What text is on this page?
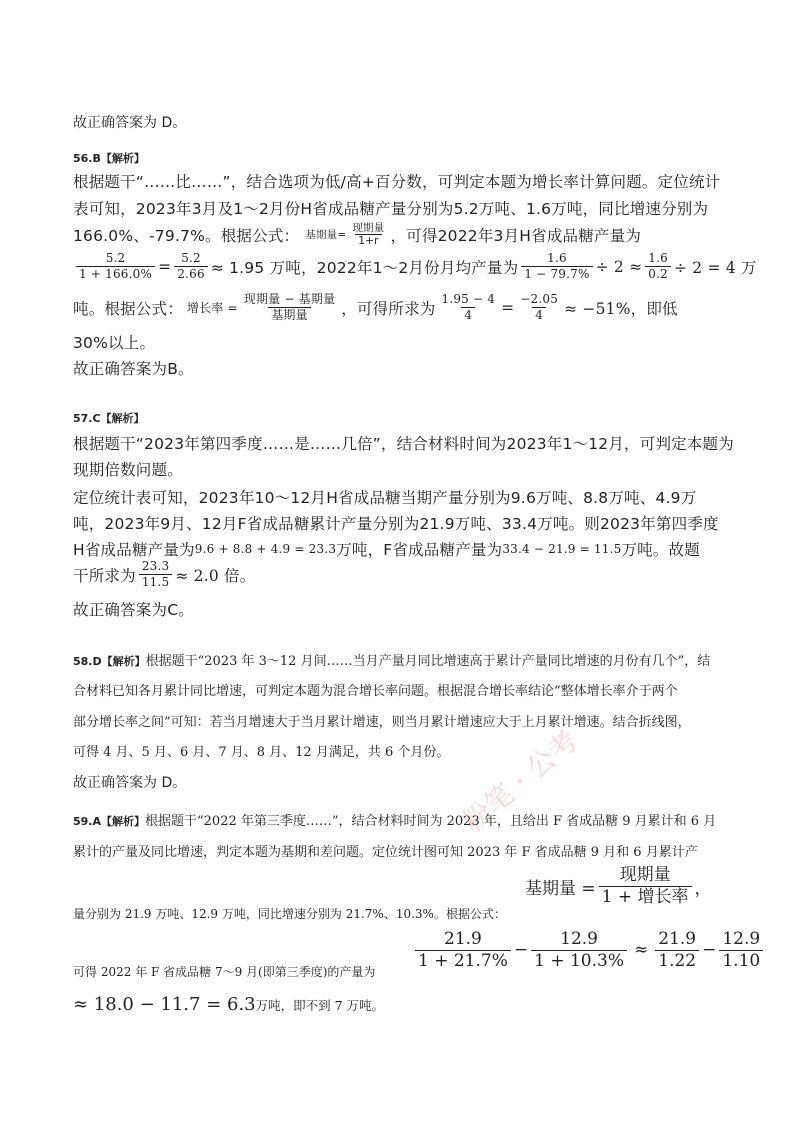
故正确答案为 D。
56.B【解析】
根据题干“……比……”，结合选项为低/高+百分数，可判定本题为增长率计算问题。定位统计
表可知，2023年3月及1～2月份H省成品糖产量分别为5.2万吨、1.6万吨，同比增速分别为
166.0%、-79.7%。根据公式： 基期量= $\frac{\text{现期量}}{1+r}$ ，可得2022年3月H省成品糖产量为
$\frac{5.2}{1 + 166.0\%} = \frac{5.2}{2.66} \approx 1.95$ 万吨，2022年1～2月份月均产量为 $\frac{1.6}{1 - 79.7\%} \div 2 \approx \frac{1.6}{0.2} \div 2 = 4$ 万
吨。根据公式： 增长率 = $\frac{\text{现期量 − 基期量}}{\text{基期量}}$ ，可得所求为 $\frac{1.95 - 4}{4} = \frac{-2.05}{4} \approx -51\%$，即低
30%以上。
故正确答案为B。
57.C【解析】
根据题干“2023年第四季度……是……几倍”，结合材料时间为2023年1～12月，可判定本题为
现期倍数问题。
定位统计表可知，2023年10～12月H省成品糖当期产量分别为9.6万吨、8.8万吨、4.9万
吨，2023年9月、12月F省成品糖累计产量分别为21.9万吨、33.4万吨。则2023年第四季度
H省成品糖产量为 9.6 + 8.8 + 4.9 = 23.3 万吨，F省成品糖产量为 33.4 − 21.9 = 11.5 万吨。故题
干所求为 $\frac{23.3}{11.5} \approx 2.0$ 倍。
故正确答案为C。
58.D【解析】根据题干“2023 年 3～12 月间……当月产量月同比增速高于累计产量同比增速的月份有几个”，结
合材料已知各月累计同比增速，可判定本题为混合增长率问题。根据混合增长率结论“整体增长率介于两个
部分增长率之间”可知：若当月增速大于当月累计增速，则当月累计增速应大于上月累计增速。结合折线图，
可得 4 月、5 月、6 月、7 月、8 月、12 月满足，共 6 个月份。
故正确答案为 D。
59.A【解析】根据题干“2022 年第三季度……”，结合材料时间为 2023 年，且给出 F 省成品糖 9 月累计和 6 月
累计的产量及同比增速，判定本题为基期和差问题。定位统计图可知 2023 年 F 省成品糖 9 月和 6 月累计产
量分别为 21.9 万吨、12.9 万吨，同比增速分别为 21.7%、10.3%。根据公式：
基期量 = $\frac{\text{现期量}}{\text{1 + 增长率}}$ ，
可得 2022 年 F 省成品糖 7～9 月(即第三季度)的产量为
$\frac{21.9}{1 + 21.7\%} - \frac{12.9}{1 + 10.3\%} \approx \frac{21.9}{1.22} - \frac{12.9}{1.10}$
≈ 18.0 − 11.7 = 6.3 万吨，即不到 7 万吨。
粉笔 · 公考
